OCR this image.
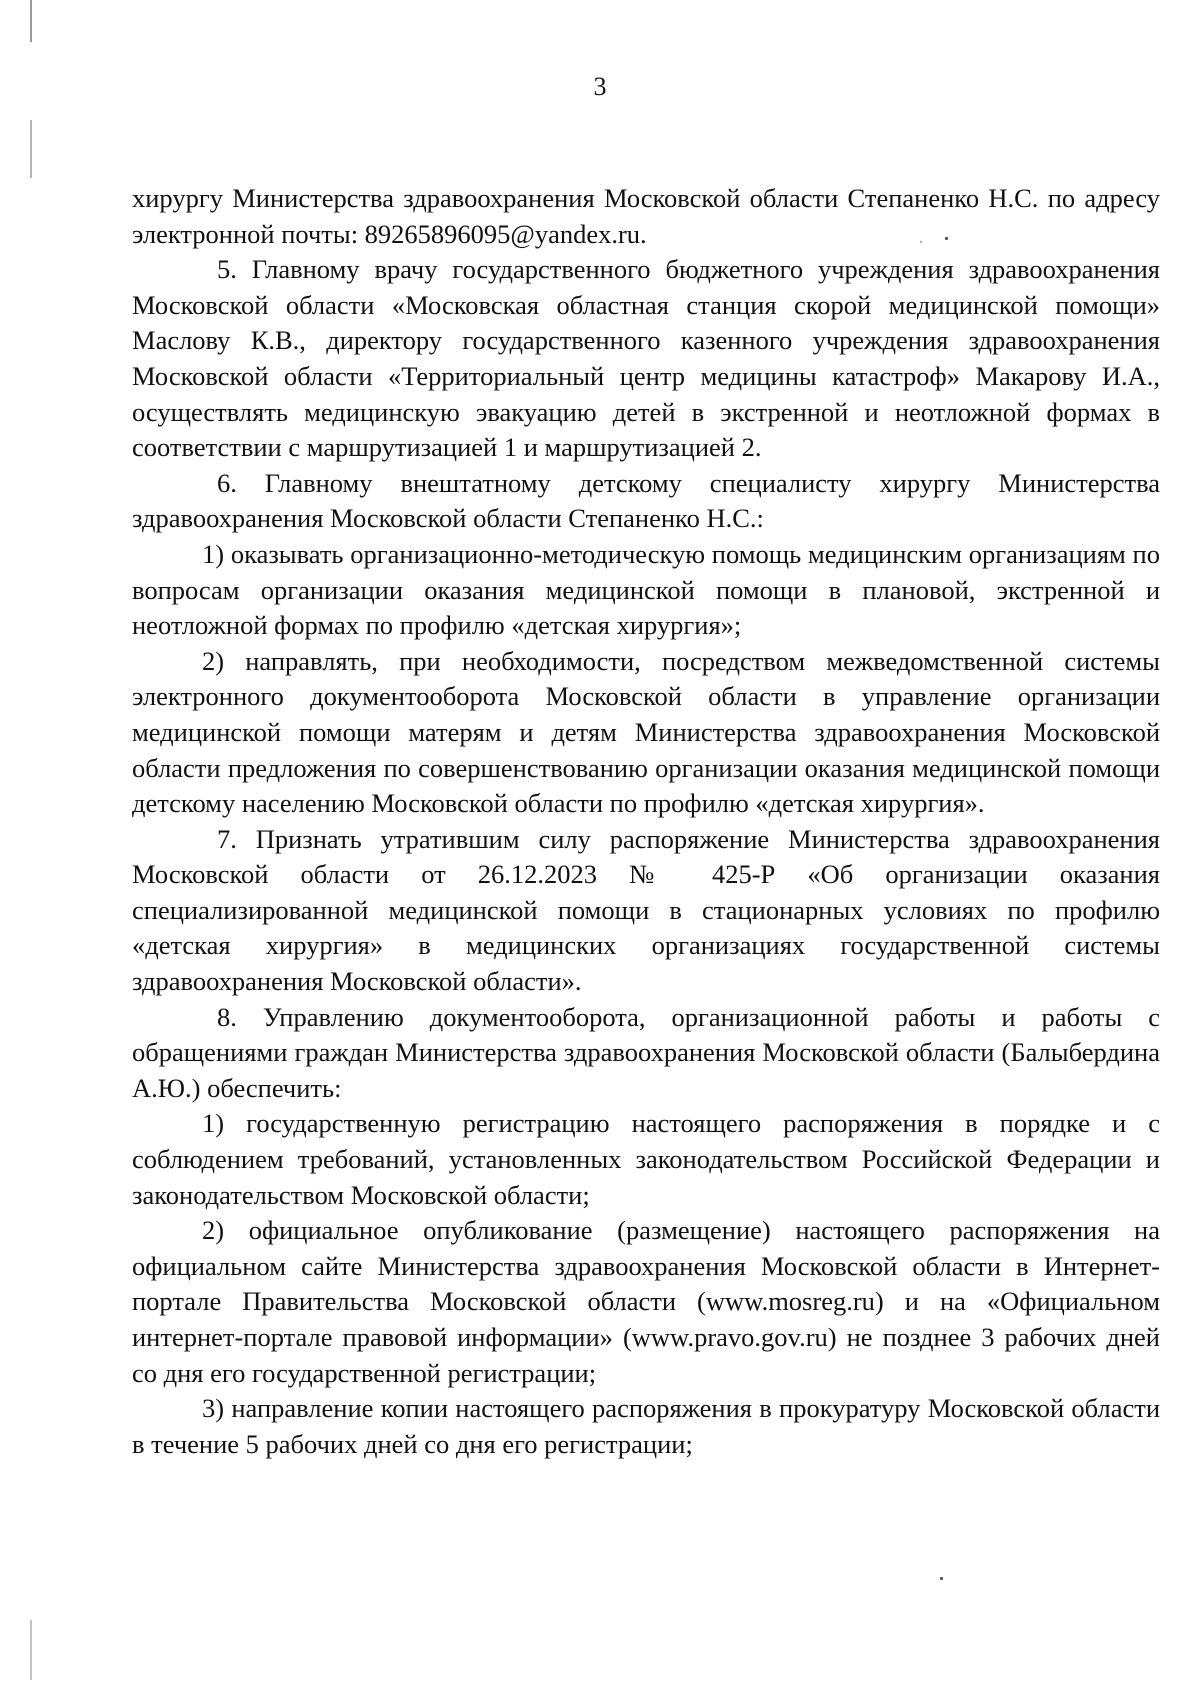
3

хирургу Министерства здравоохранения Московской области Степаненко Н.С. по адресу электронной почты: 89265896095@yandex.ru.

5. Главному врачу государственного бюджетного учреждения здравоохранения Московской области «Московская областная станция скорой медицинской помощи» Маслову К.В., директору государственного казенного учреждения здравоохранения Московской области «Территориальный центр медицины катастроф» Макарову И.А., осуществлять медицинскую эвакуацию детей в экстренной и неотложной формах в соответствии с маршрутизацией 1 и маршрутизацией 2.

6. Главному внештатному детскому специалисту хирургу Министерства здравоохранения Московской области Степаненко Н.С.:

1) оказывать организационно-методическую помощь медицинским организациям по вопросам организации оказания медицинской помощи в плановой, экстренной и неотложной формах по профилю «детская хирургия»;

2) направлять, при необходимости, посредством межведомственной системы электронного документооборота Московской области в управление организации медицинской помощи матерям и детям Министерства здравоохранения Московской области предложения по совершенствованию организации оказания медицинской помощи детскому населению Московской области по профилю «детская хирургия».

7. Признать утратившим силу распоряжение Министерства здравоохранения Московской области от 26.12.2023 № 425-Р «Об организации оказания специализированной медицинской помощи в стационарных условиях по профилю «детская хирургия» в медицинских организациях государственной системы здравоохранения Московской области».

8. Управлению документооборота, организационной работы и работы с обращениями граждан Министерства здравоохранения Московской области (Балыбердина А.Ю.) обеспечить:

1) государственную регистрацию настоящего распоряжения в порядке и с соблюдением требований, установленных законодательством Российской Федерации и законодательством Московской области;

2) официальное опубликование (размещение) настоящего распоряжения на официальном сайте Министерства здравоохранения Московской области в Интернет-портале Правительства Московской области (www.mosreg.ru) и на «Официальном интернет-портале правовой информации» (www.pravo.gov.ru) не позднее 3 рабочих дней со дня его государственной регистрации;

3) направление копии настоящего распоряжения в прокуратуру Московской области в течение 5 рабочих дней со дня его регистрации;
